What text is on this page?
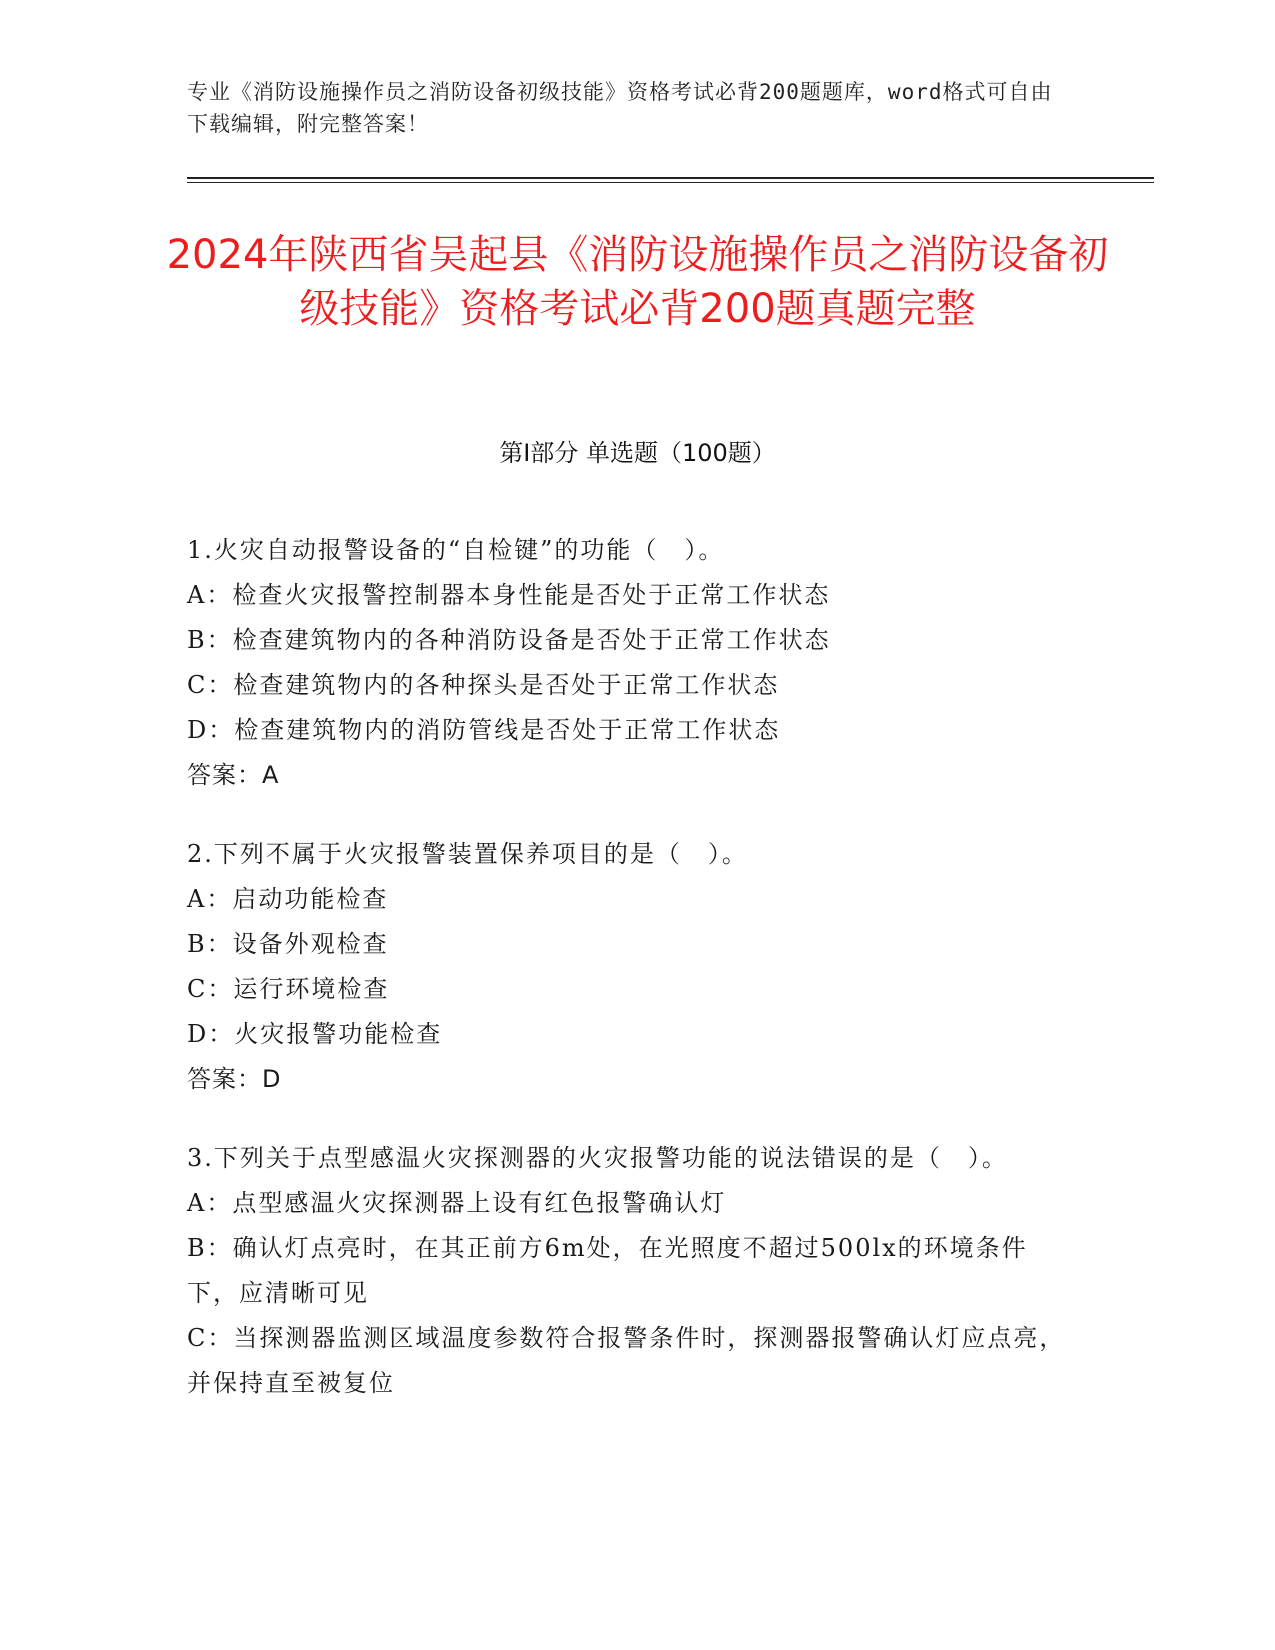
专业《消防设施操作员之消防设备初级技能》资格考试必背200题题库，word格式可自由下载编辑，附完整答案！
2024年陕西省吴起县《消防设施操作员之消防设备初级技能》资格考试必背200题真题完整
第I部分 单选题（100题）
1.火灾自动报警设备的“自检键”的功能（　）。
A：检查火灾报警控制器本身性能是否处于正常工作状态
B：检查建筑物内的各种消防设备是否处于正常工作状态
C：检查建筑物内的各种探头是否处于正常工作状态
D：检查建筑物内的消防管线是否处于正常工作状态
答案：A
2.下列不属于火灾报警装置保养项目的是（　）。
A：启动功能检查
B：设备外观检查
C：运行环境检查
D：火灾报警功能检查
答案：D
3.下列关于点型感温火灾探测器的火灾报警功能的说法错误的是（　）。
A：点型感温火灾探测器上设有红色报警确认灯
B：确认灯点亮时，在其正前方6m处，在光照度不超过500lx的环境条件下，应清晰可见
C：当探测器监测区域温度参数符合报警条件时，探测器报警确认灯应点亮，并保持直至被复位
